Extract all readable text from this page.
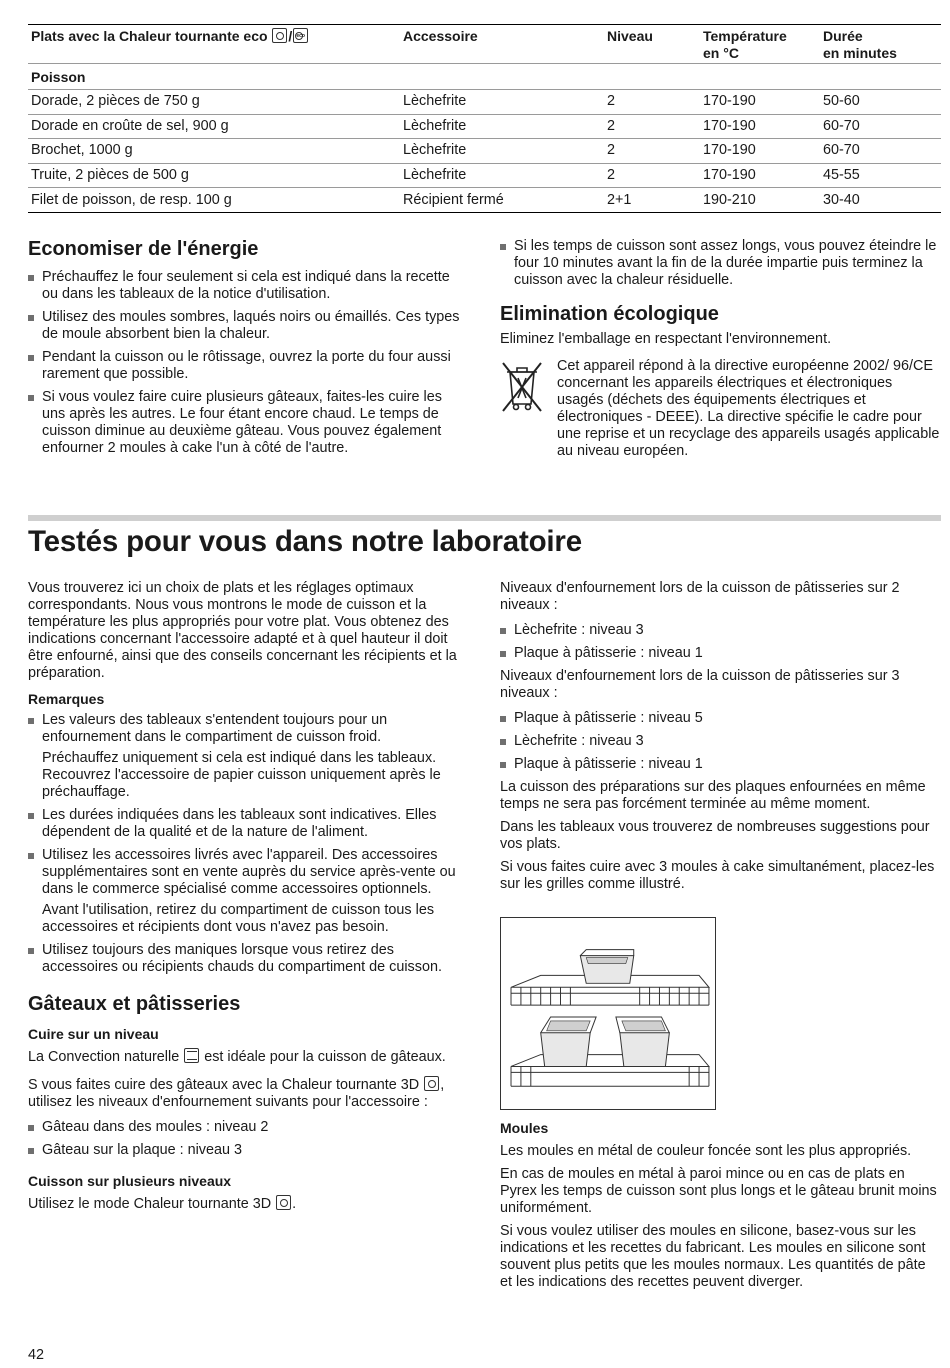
Plats avec la Chaleur tournante eco /eco	Accessoire	Niveau	Température
en °C
Durée
en minutes
Poisson
Dorade, 2 pièces de 750 g	Lèchefrite	2	170-190	50-60
Dorade en croûte de sel, 900 g	Lèchefrite	2	170-190	60-70
Brochet, 1000 g	Lèchefrite	2	170-190	60-70
Truite, 2 pièces de 500 g	Lèchefrite	2	170-190	45-55
Filet de poisson, de resp. 100 g	Récipient fermé	2+1	190-210	30-40
Economiser de l'énergie
Préchauffez le four seulement si cela est indiqué dans la recette ou dans les tableaux de la notice d'utilisation.
Utilisez des moules sombres, laqués noirs ou émaillés. Ces types de moule absorbent bien la chaleur.
Pendant la cuisson ou le rôtissage, ouvrez la porte du four aussi rarement que possible.
Si vous voulez faire cuire plusieurs gâteaux, faites-les cuire les uns après les autres. Le four étant encore chaud. Le temps de cuisson diminue au deuxième gâteau. Vous pouvez également enfourner 2 moules à cake l'un à côté de l'autre.
Si les temps de cuisson sont assez longs, vous pouvez éteindre le four 10 minutes avant la fin de la durée impartie puis terminez la cuisson avec la chaleur résiduelle.
Elimination écologique

Eliminez l'emballage en respectant l'environnement.

Cet appareil répond à la directive européenne 2002/ 96/CE concernant les appareils électriques et électroniques usagés (déchets des équipements électriques et électroniques - DEEE). La directive spécifie le cadre pour une reprise et un recyclage des appareils usagés applicable au niveau européen.
Testés pour vous dans notre laboratoire

Vous trouverez ici un choix de plats et les réglages optimaux correspondants. Nous vous montrons le mode de cuisson et la température les plus appropriés pour votre plat. Vous obtenez des indications concernant l'accessoire adapté et à quel hauteur il doit être enfourné, ainsi que des conseils concernant les récipients et la préparation.

Remarques
Les valeurs des tableaux s'entendent toujours pour un enfournement dans le compartiment de cuisson froid.
Préchauffez uniquement si cela est indiqué dans les tableaux. Recouvrez l'accessoire de papier cuisson uniquement après le préchauffage.
Les durées indiquées dans les tableaux sont indicatives. Elles dépendent de la qualité et de la nature de l'aliment.
Utilisez les accessoires livrés avec l'appareil. Des accessoires supplémentaires sont en vente auprès du service après-vente ou dans le commerce spécialisé comme accessoires optionnels.
Avant l'utilisation, retirez du compartiment de cuisson tous les accessoires et récipients dont vous n'avez pas besoin.
Utilisez toujours des maniques lorsque vous retirez des accessoires ou récipients chauds du compartiment de cuisson.
Gâteaux et pâtisseries
Cuire sur un niveau

La Convection naturelle est idéale pour la cuisson de gâteaux.

S vous faites cuire des gâteaux avec la Chaleur tournante 3D , utilisez les niveaux d'enfournement suivants pour l'accessoire :

Gâteau dans des moules : niveau 2
Gâteau sur la plaque : niveau 3
Cuisson sur plusieurs niveaux

Utilisez le mode Chaleur tournante 3D .

Niveaux d'enfournement lors de la cuisson de pâtisseries sur 2 niveaux :

Lèchefrite : niveau 3
Plaque à pâtisserie : niveau 1

Niveaux d'enfournement lors de la cuisson de pâtisseries sur 3 niveaux :

Plaque à pâtisserie : niveau 5
Lèchefrite : niveau 3
Plaque à pâtisserie : niveau 1

La cuisson des préparations sur des plaques enfournées en même temps ne sera pas forcément terminée au même moment.

Dans les tableaux vous trouverez de nombreuses suggestions pour vos plats.

Si vous faites cuire avec 3 moules à cake simultanément, placez-les sur les grilles comme illustré.

Moules

Les moules en métal de couleur foncée sont les plus appropriés.

En cas de moules en métal à paroi mince ou en cas de plats en Pyrex les temps de cuisson sont plus longs et le gâteau brunit moins uniformément.

Si vous voulez utiliser des moules en silicone, basez-vous sur les indications et les recettes du fabricant. Les moules en silicone sont souvent plus petits que les moules normaux. Les quantités de pâte et les indications des recettes peuvent diverger.

42
